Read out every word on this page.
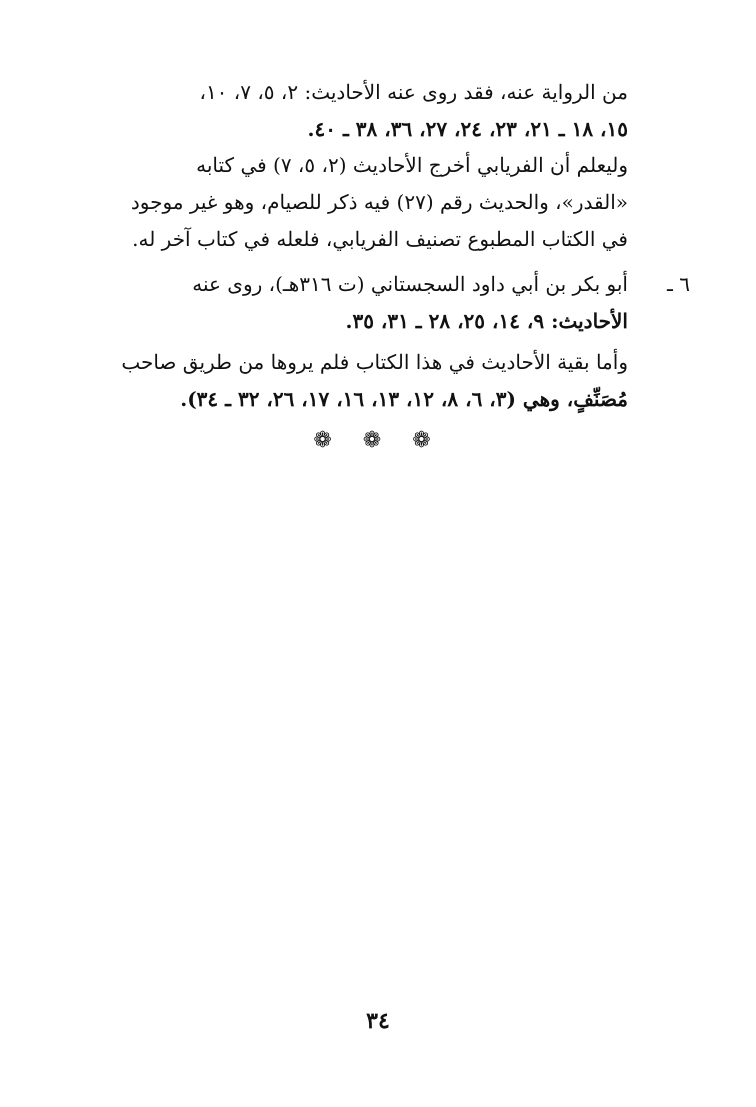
من الرواية عنه، فقد روى عنه الأحاديث: ٢، ٥، ٧، ١٠،
١٥، ١٨ ـ ٢١، ٢٣، ٢٤، ٢٧، ٣٦، ٣٨ ـ ٤٠.
وليعلم أن الفريابي أخرج الأحاديث (٢، ٥، ٧) في كتابه
«القدر»، والحديث رقم (٢٧) فيه ذكر للصيام، وهو غير موجود
في الكتاب المطبوع تصنيف الفريابي، فلعله في كتاب آخر له.
٦ ـ
أبو بكر بن أبي داود السجستاني (ت ٣١٦هـ)، روى عنه
الأحاديث: ٩، ١٤، ٢٥، ٢٨ ـ ٣١، ٣٥.
وأما بقية الأحاديث في هذا الكتاب فلم يروها من طريق صاحب
مُصَنِّفٍ، وهي (٣، ٦، ٨، ١٢، ١٣، ١٦، ١٧، ٢٦، ٣٢ ـ ٣٤).
❁ ❁ ❁
٣٤
